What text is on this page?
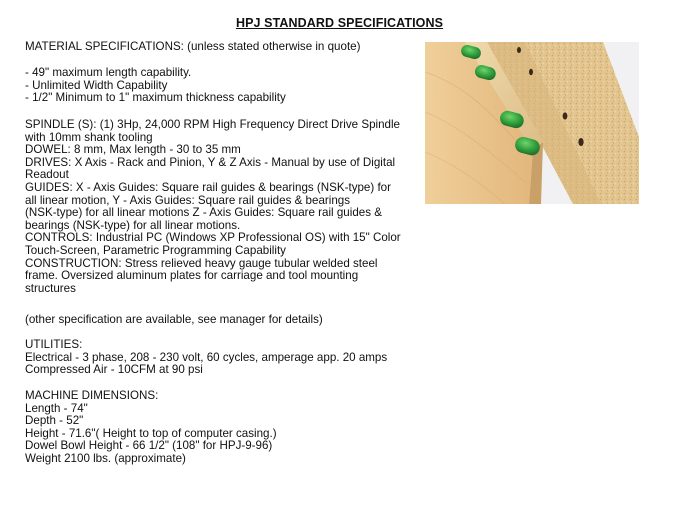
HPJ STANDARD SPECIFICATIONS
MATERIAL SPECIFICATIONS: (unless stated otherwise in quote)
- 49" maximum length capability.
- Unlimited Width Capability
- 1/2" Minimum to 1" maximum thickness capability
SPINDLE (S): (1) 3Hp, 24,000 RPM High Frequency Direct Drive Spindle
with 10mm shank tooling
DOWEL: 8 mm, Max length - 30 to 35 mm
DRIVES: X Axis - Rack and Pinion, Y & Z Axis - Manual by use of Digital
Readout
GUIDES: X - Axis Guides: Square rail guides & bearings (NSK-type) for
all linear motion, Y - Axis Guides: Square rail guides & bearings
(NSK-type) for all linear motions Z - Axis Guides: Square rail guides &
bearings (NSK-type) for all linear motions.
CONTROLS: Industrial PC (Windows XP Professional OS) with 15" Color
Touch-Screen, Parametric Programming Capability
CONSTRUCTION: Stress relieved heavy gauge tubular welded steel
frame. Oversized aluminum plates for carriage and tool mounting
structures
(other specification are available, see manager for details)
UTILITIES:
Electrical - 3 phase, 208 - 230 volt, 60 cycles, amperage app. 20 amps
Compressed Air - 10CFM at 90 psi
MACHINE DIMENSIONS:
Length - 74"
Depth - 52"
Height - 71.6"( Height to top of computer casing.)
Dowel Bowl Height - 66 1/2" (108" for HPJ-9-96)
Weight 2100 lbs. (approximate)
